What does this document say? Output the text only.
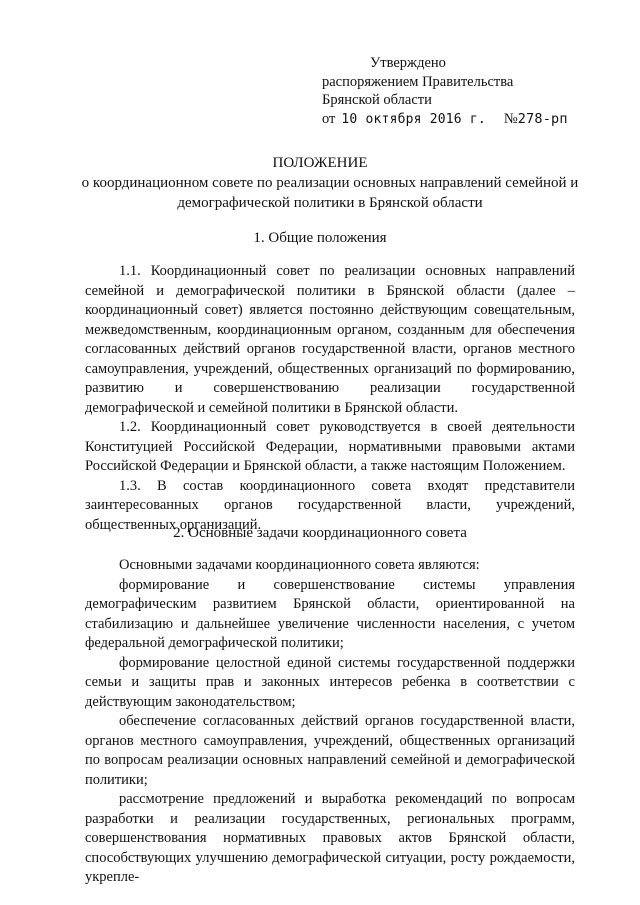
Утверждено
распоряжением Правительства
Брянской области
от 10 октября 2016 г. № 278-рп
ПОЛОЖЕНИЕ
о координационном совете по реализации основных направлений семейной и демографической политики в Брянской области
1. Общие положения

1.1. Координационный совет по реализации основных направлений семейной и демографической политики в Брянской области (далее – координационный совет) является постоянно действующим совещательным, межведомственным, координационным органом, созданным для обеспечения согласованных действий органов государственной власти, органов местного самоуправления, учреждений, общественных организаций по формированию, развитию и совершенствованию реализации государственной демографической и семейной политики в Брянской области.

1.2. Координационный совет руководствуется в своей деятельности Конституцией Российской Федерации, нормативными правовыми актами Российской Федерации и Брянской области, а также настоящим Положением.

1.3. В состав координационного совета входят представители заинтересованных органов государственной власти, учреждений, общественных организаций.

2. Основные задачи координационного совета

Основными задачами координационного совета являются:

формирование и совершенствование системы управления демографическим развитием Брянской области, ориентированной на стабилизацию и дальнейшее увеличение численности населения, с учетом федеральной демографической политики;

формирование целостной единой системы государственной поддержки семьи и защиты прав и законных интересов ребенка в соответствии с действующим законодательством;

обеспечение согласованных действий органов государственной власти, органов местного самоуправления, учреждений, общественных организаций по вопросам реализации основных направлений семейной и демографической политики;

рассмотрение предложений и выработка рекомендаций по вопросам разработки и реализации государственных, региональных программ, совершенствования нормативных правовых актов Брянской области, способствующих улучшению демографической ситуации, росту рождаемости, укрепле-
